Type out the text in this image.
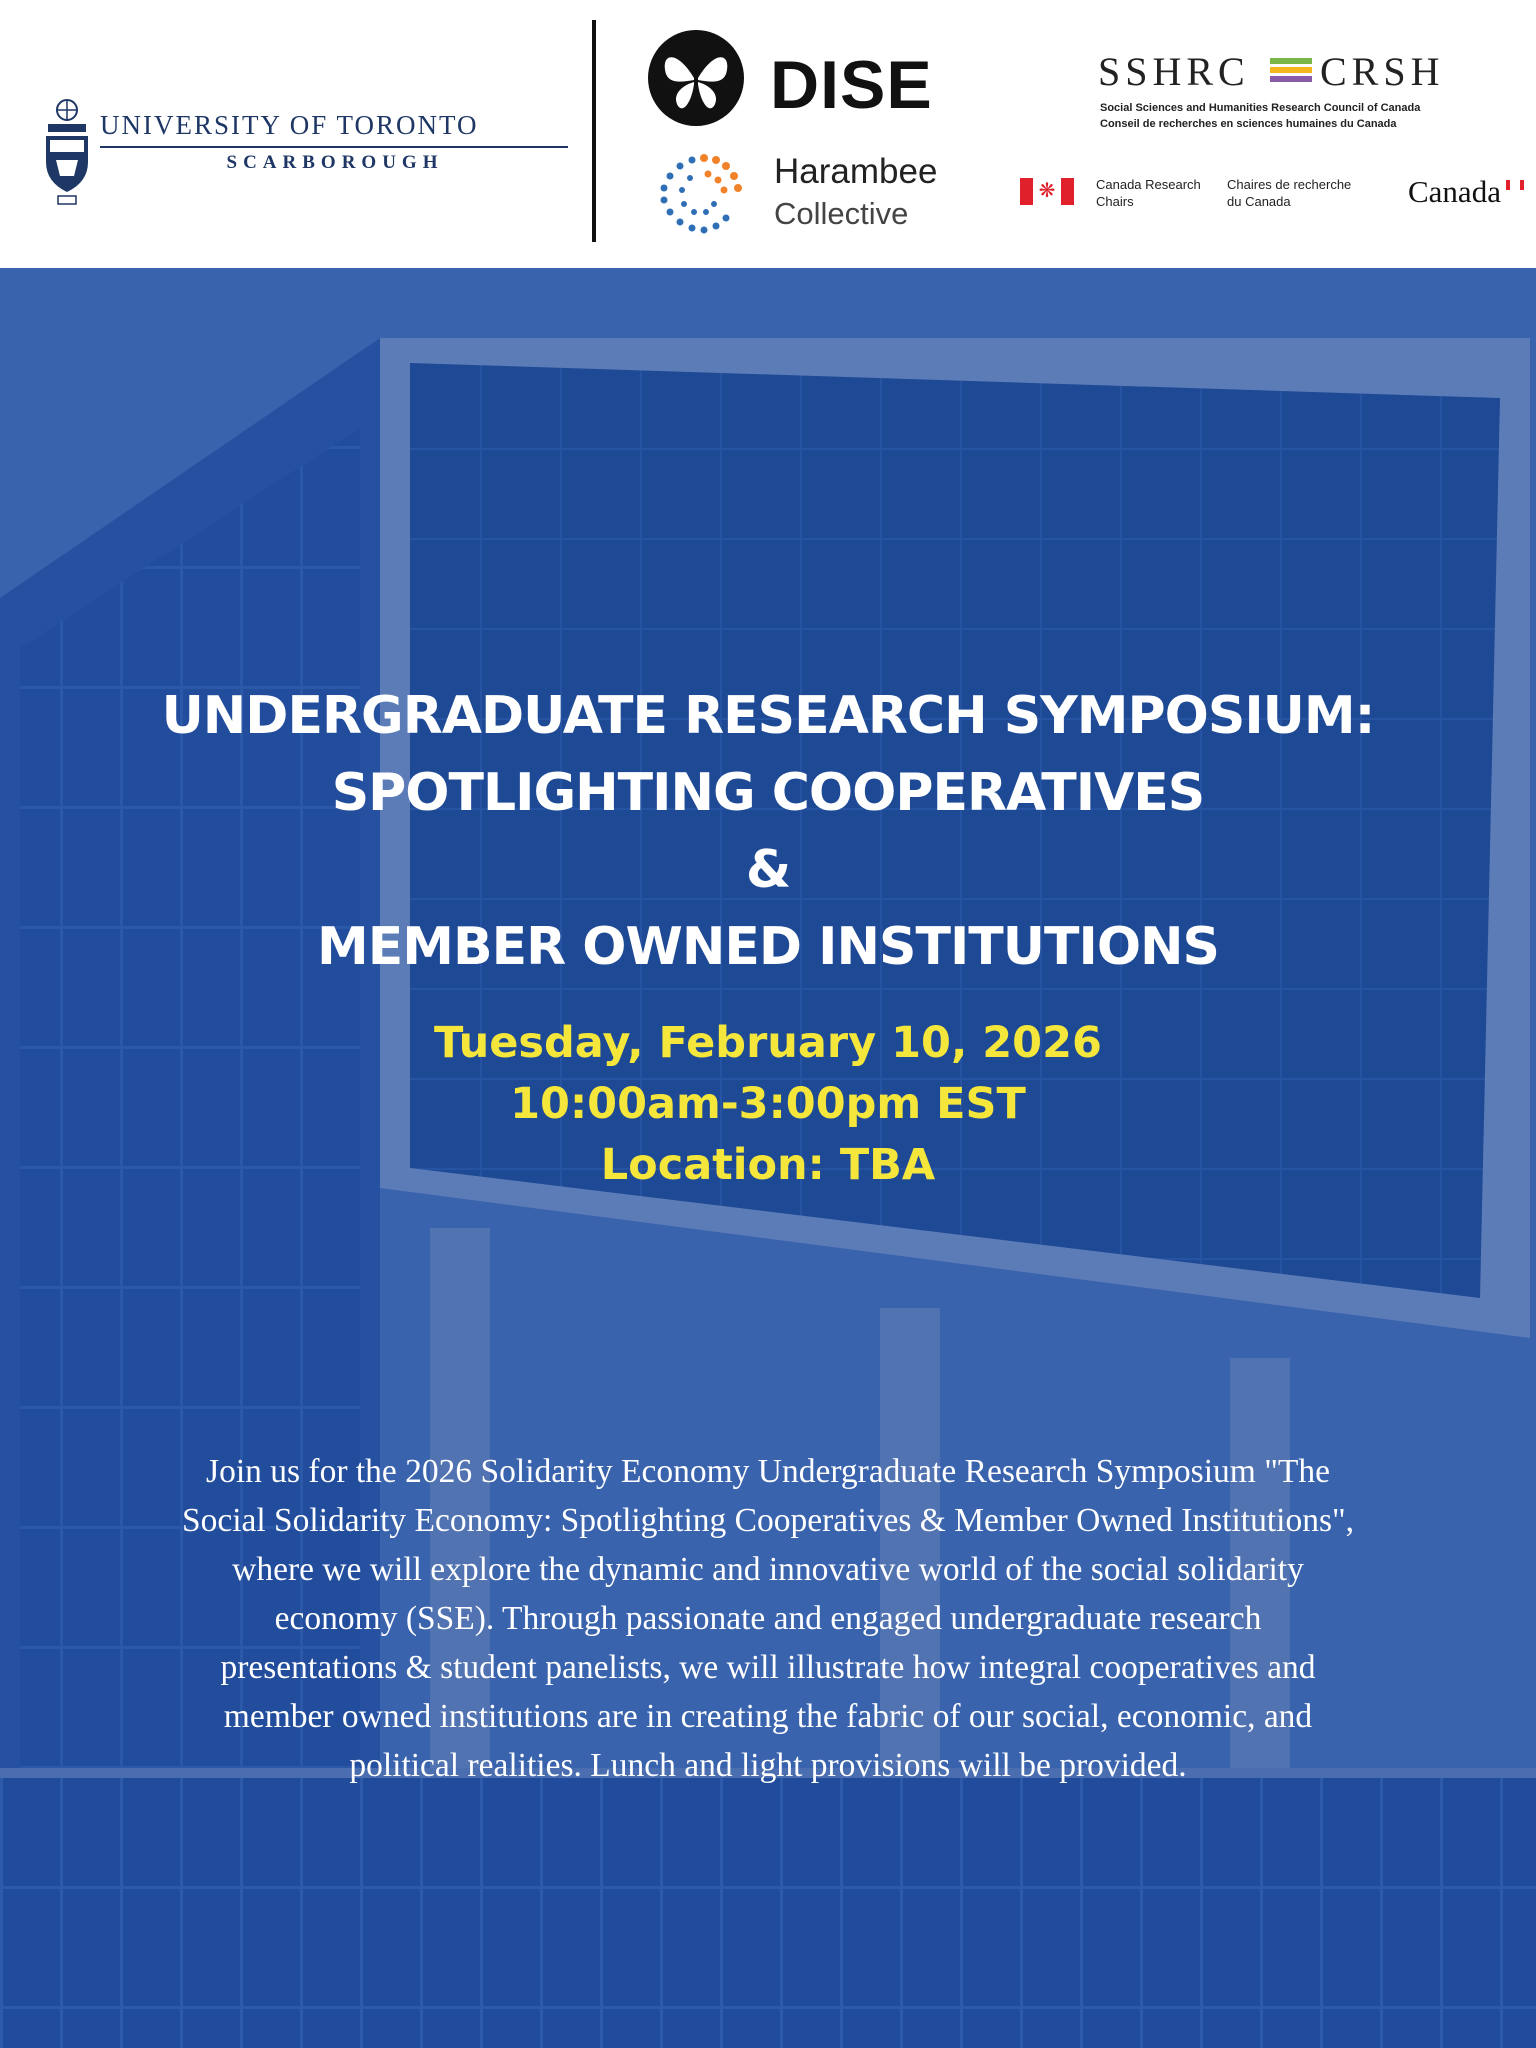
UNIVERSITY OF TORONTO
SCARBOROUGH
DISE
Harambee
Collective
SSHRC CRSH
Social Sciences and Humanities Research Council of Canada
Conseil de recherches en sciences humaines du Canada
❋	Canada Research
Chairs
Chaires de recherche
du Canada	Canada
UNDERGRADUATE RESEARCH SYMPOSIUM:
SPOTLIGHTING COOPERATIVES
&
MEMBER OWNED INSTITUTIONS
Tuesday, February 10, 2026
10:00am-3:00pm EST
Location: TBA
Join us for the 2026 Solidarity Economy Undergraduate Research Symposium "The
Social Solidarity Economy: Spotlighting Cooperatives & Member Owned Institutions",
where we will explore the dynamic and innovative world of the social solidarity
economy (SSE). Through passionate and engaged undergraduate research
presentations & student panelists, we will illustrate how integral cooperatives and
member owned institutions are in creating the fabric of our social, economic, and
political realities. Lunch and light provisions will be provided.
